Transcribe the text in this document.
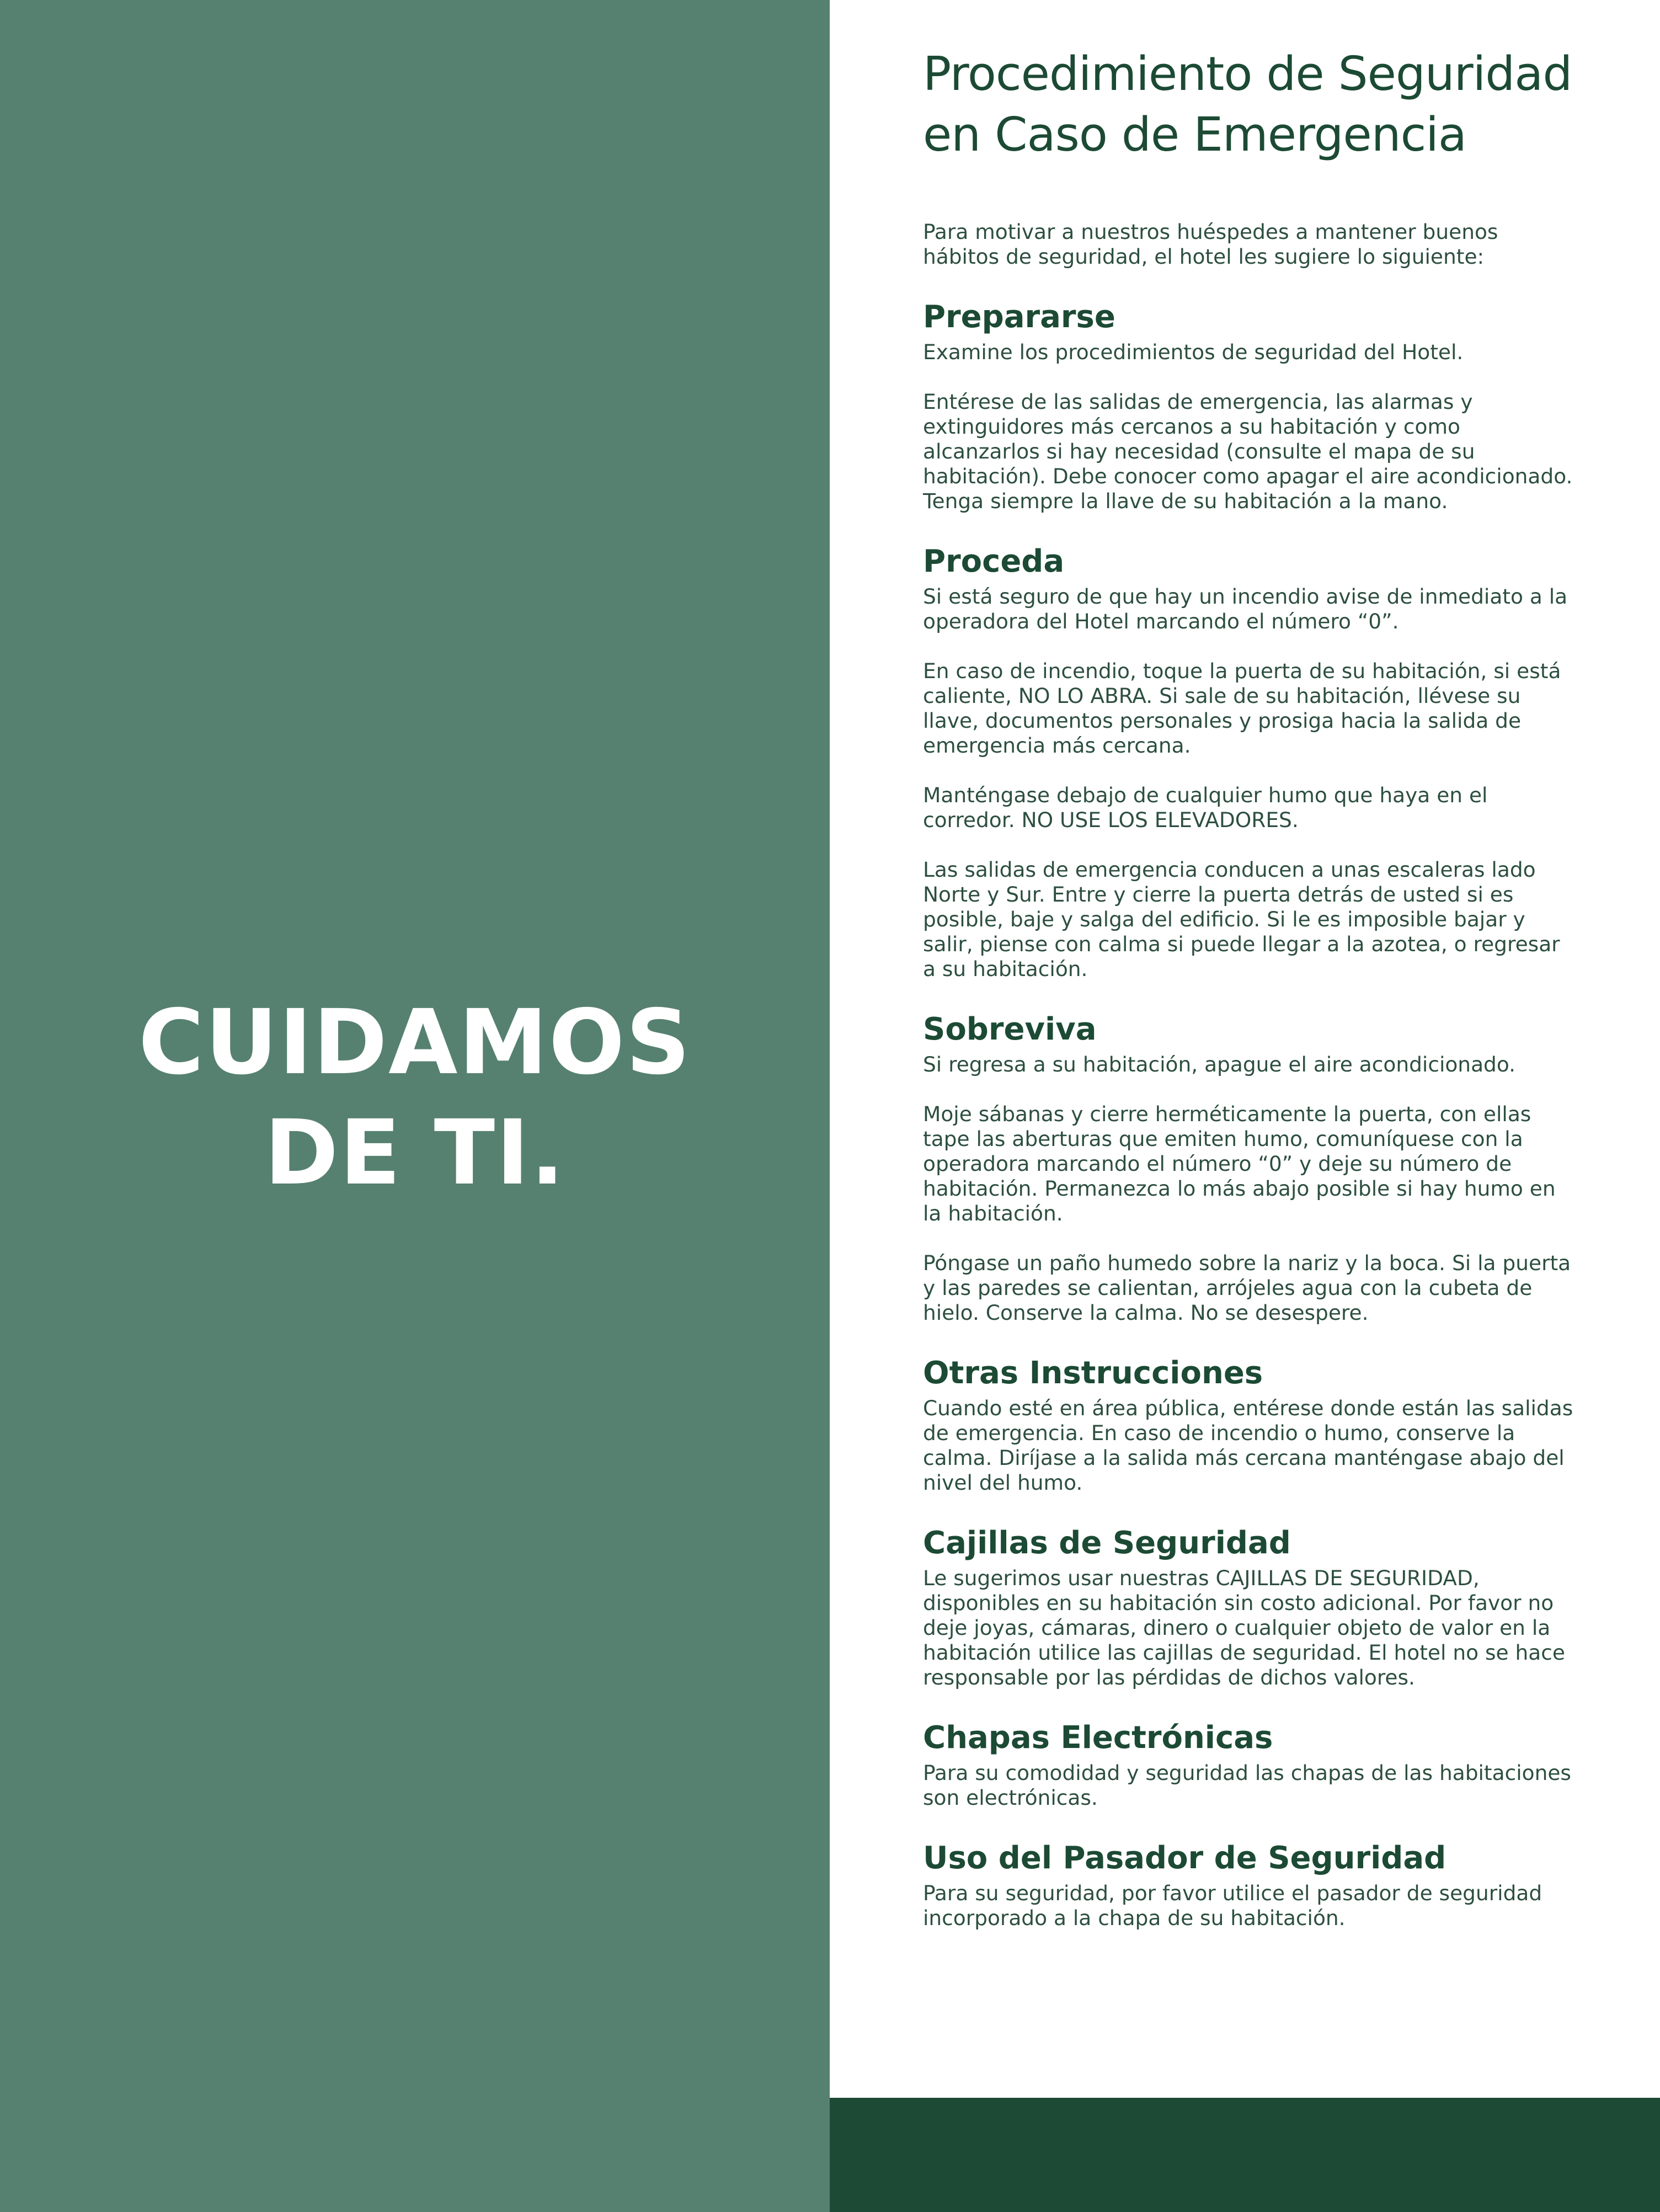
CUIDAMOS
DE TI.
Procedimiento de Seguridad en Caso de Emergencia

Para motivar a nuestros huéspedes a mantener buenos hábitos de seguridad, el hotel les sugiere lo siguiente:

Prepararse

Examine los procedimientos de seguridad del Hotel.

Entérese de las salidas de emergencia, las alarmas y extinguidores más cercanos a su habitación y como alcanzarlos si hay necesidad (consulte el mapa de su habitación). Debe conocer como apagar el aire acondicionado. Tenga siempre la llave de su habitación a la mano.

Proceda

Si está seguro de que hay un incendio avise de inmediato a la operadora del Hotel marcando el número “0”.

En caso de incendio, toque la puerta de su habitación, si está caliente, NO LO ABRA. Si sale de su habitación, llévese su llave, documentos personales y prosiga hacia la salida de emergencia más cercana.

Manténgase debajo de cualquier humo que haya en el corredor. NO USE LOS ELEVADORES.

Las salidas de emergencia conducen a unas escaleras lado Norte y Sur. Entre y cierre la puerta detrás de usted si es posible, baje y salga del edificio. Si le es imposible bajar y salir, piense con calma si puede llegar a la azotea, o regresar a su habitación.

Sobreviva

Si regresa a su habitación, apague el aire acondicionado.

Moje sábanas y cierre herméticamente la puerta, con ellas tape las aberturas que emiten humo, comuníquese con la operadora marcando el número “0” y deje su número de habitación. Permanezca lo más abajo posible si hay humo en la habitación.

Póngase un paño humedo sobre la nariz y la boca. Si la puerta y las paredes se calientan, arrójeles agua con la cubeta de hielo. Conserve la calma. No se desespere.

Otras Instrucciones

Cuando esté en área pública, entérese donde están las salidas de emergencia. En caso de incendio o humo, conserve la calma. Diríjase a la salida más cercana manténgase abajo del nivel del humo.

Cajillas de Seguridad

Le sugerimos usar nuestras CAJILLAS DE SEGURIDAD, disponibles en su habitación sin costo adicional. Por favor no deje joyas, cámaras, dinero o cualquier objeto de valor en la habitación utilice las cajillas de seguridad. El hotel no se hace responsable por las pérdidas de dichos valores.

Chapas Electrónicas

Para su comodidad y seguridad las chapas de las habitaciones son electrónicas.

Uso del Pasador de Seguridad

Para su seguridad, por favor utilice el pasador de seguridad incorporado a la chapa de su habitación.
